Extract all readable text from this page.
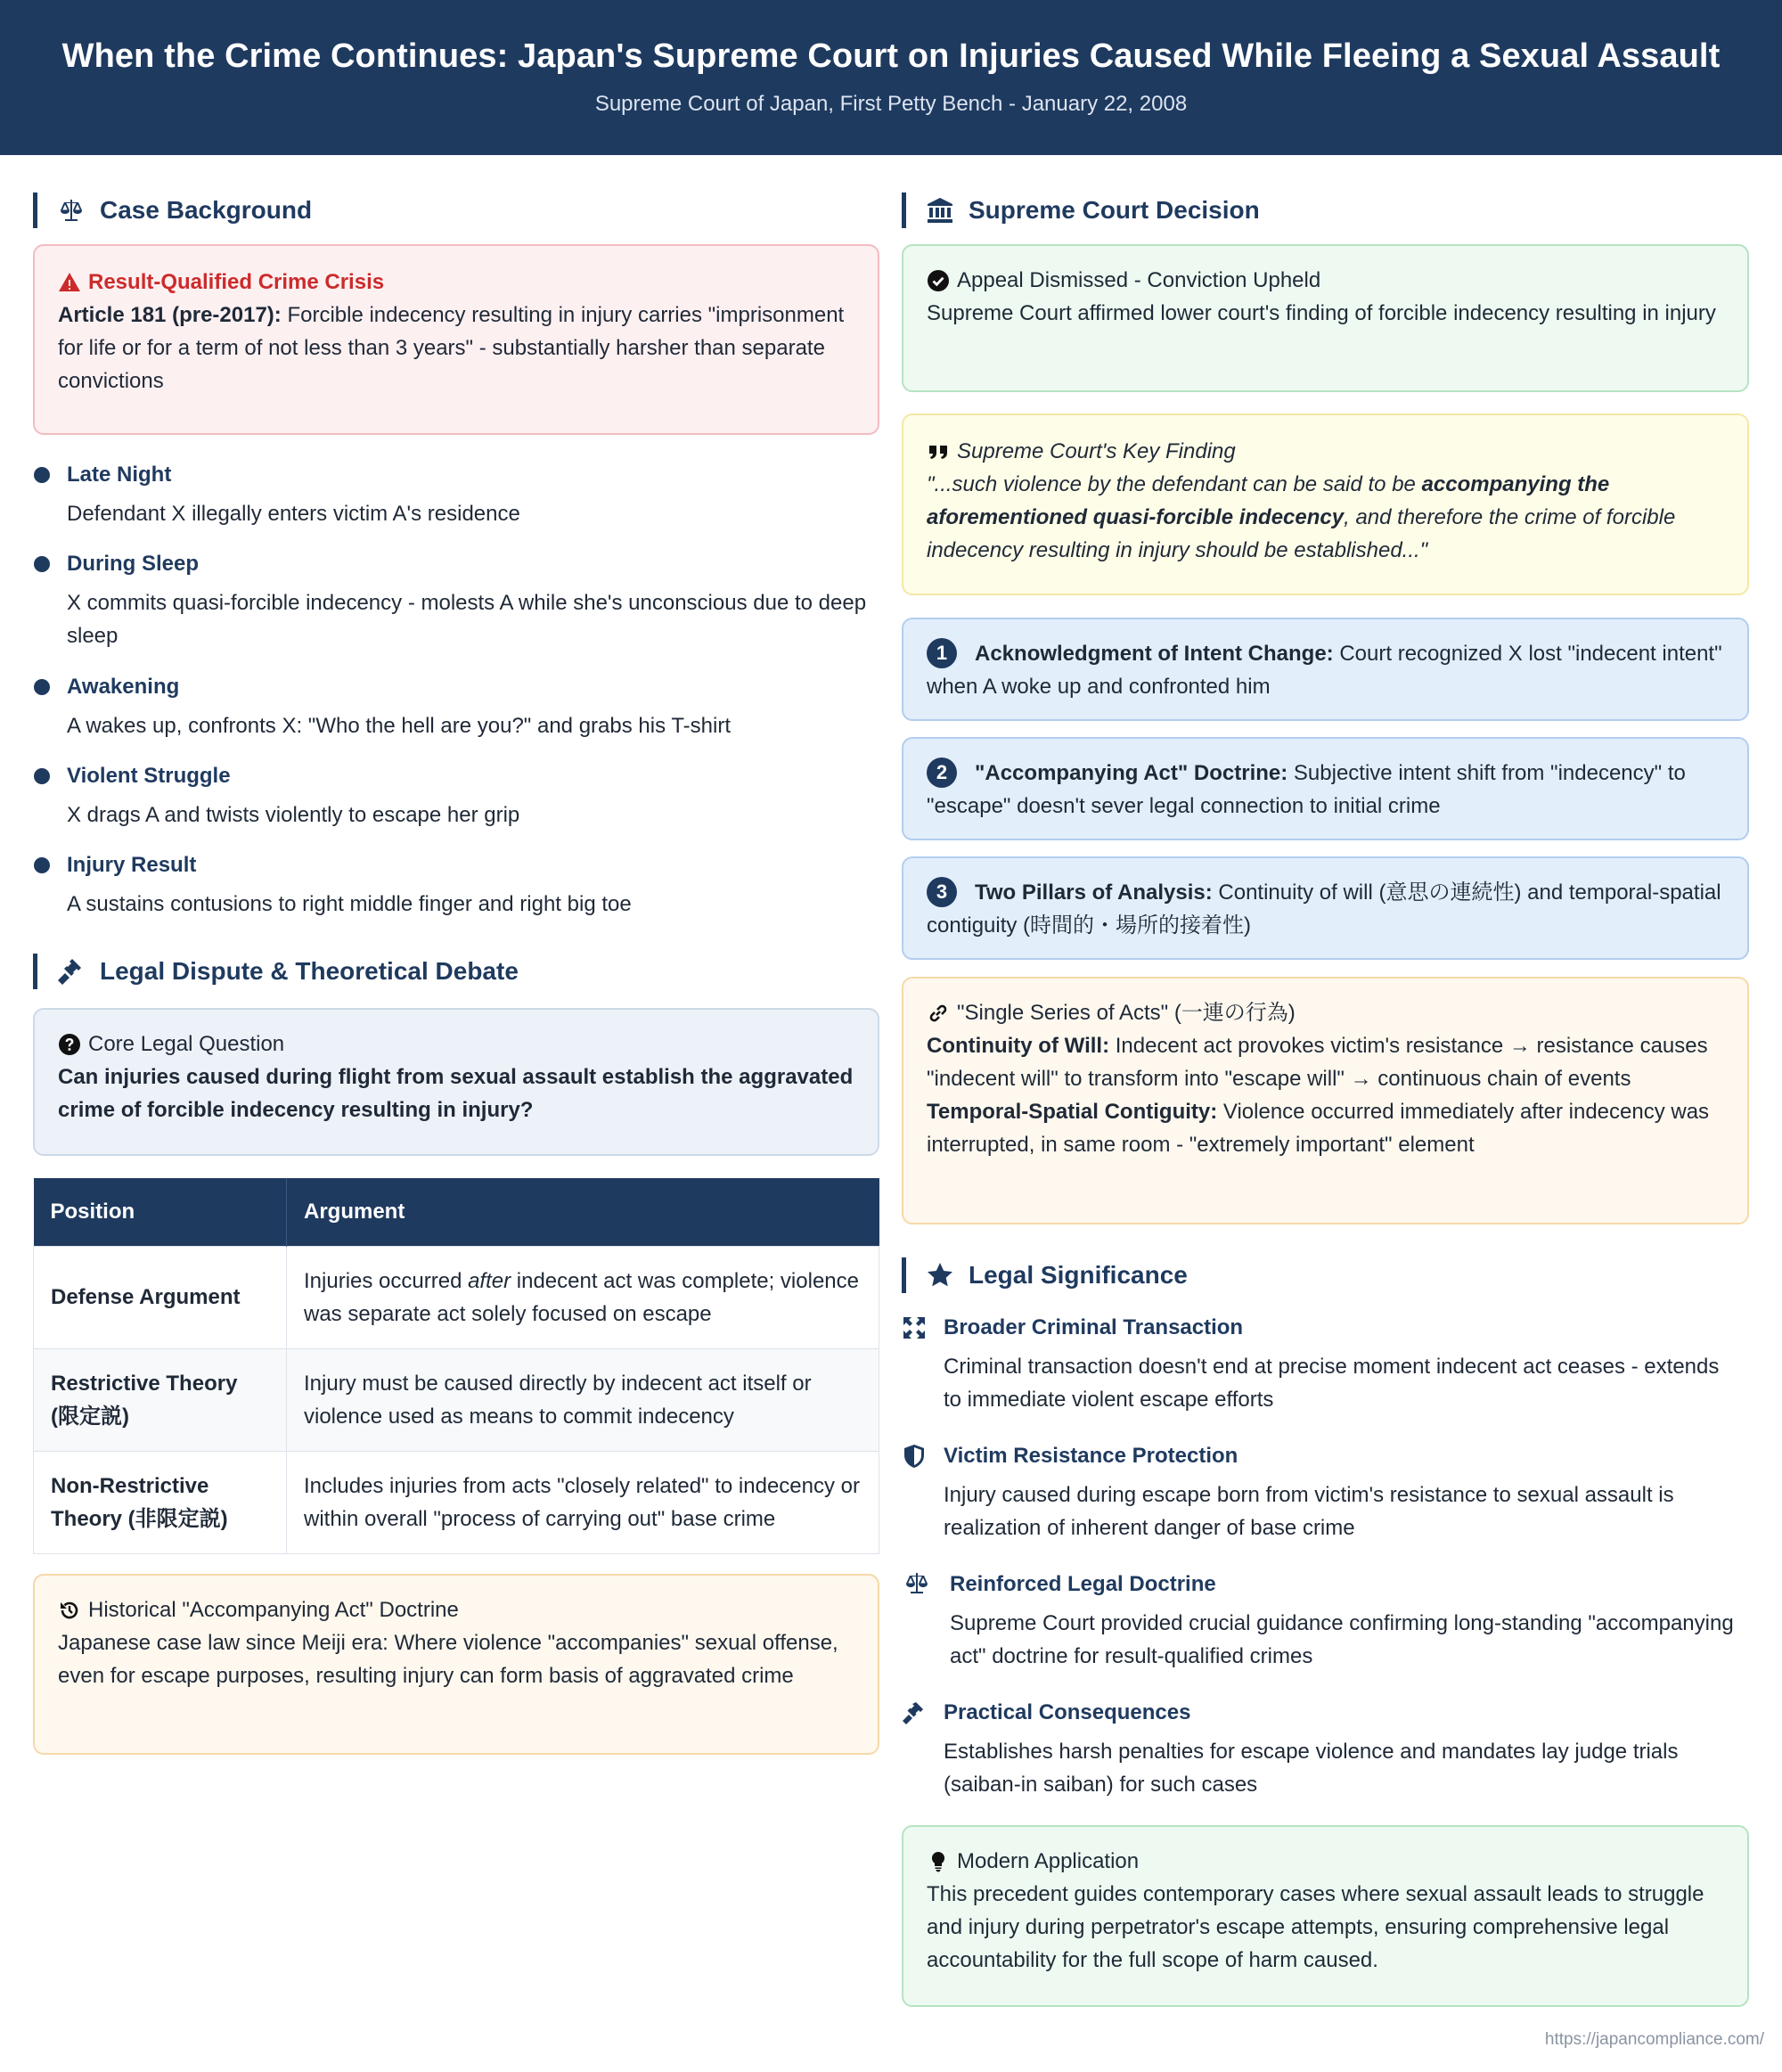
When the Crime Continues: Japan's Supreme Court on Injuries Caused While Fleeing a Sexual Assault
Supreme Court of Japan, First Petty Bench - January 22, 2008
Case Background
Result-Qualified Crime Crisis
Article 181 (pre-2017): Forcible indecency resulting in injury carries "imprisonment for life or for a term of not less than 3 years" - substantially harsher than separate convictions
Late Night
Defendant X illegally enters victim A's residence
During Sleep
X commits quasi-forcible indecency - molests A while she's unconscious due to deep sleep
Awakening
A wakes up, confronts X: "Who the hell are you?" and grabs his T-shirt
Violent Struggle
X drags A and twists violently to escape her grip
Injury Result
A sustains contusions to right middle finger and right big toe
Legal Dispute & Theoretical Debate
Core Legal Question
Can injuries caused during flight from sexual assault establish the aggravated crime of forcible indecency resulting in injury?
Position	Argument
Defense Argument	Injuries occurred after indecent act was complete; violence was separate act solely focused on escape
Restrictive Theory (限定説)	Injury must be caused directly by indecent act itself or violence used as means to commit indecency
Non-Restrictive Theory (非限定説)	Includes injuries from acts "closely related" to indecency or within overall "process of carrying out" base crime
Historical "Accompanying Act" Doctrine
Japanese case law since Meiji era: Where violence "accompanies" sexual offense, even for escape purposes, resulting injury can form basis of aggravated crime
Supreme Court Decision
Appeal Dismissed - Conviction Upheld
Supreme Court affirmed lower court's finding of forcible indecency resulting in injury
Supreme Court's Key Finding
"...such violence by the defendant can be said to be accompanying the aforementioned quasi-forcible indecency, and therefore the crime of forcible indecency resulting in injury should be established..."
1 Acknowledgment of Intent Change: Court recognized X lost "indecent intent" when A woke up and confronted him
2 "Accompanying Act" Doctrine: Subjective intent shift from "indecency" to "escape" doesn't sever legal connection to initial crime
3 Two Pillars of Analysis: Continuity of will (意思の連続性) and temporal-spatial contiguity (時間的・場所的接着性)
"Single Series of Acts" (一連の行為)
Continuity of Will: Indecent act provokes victim's resistance → resistance causes "indecent will" to transform into "escape will" → continuous chain of events
Temporal-Spatial Contiguity: Violence occurred immediately after indecency was interrupted, in same room - "extremely important" element
Legal Significance
Broader Criminal Transaction
Criminal transaction doesn't end at precise moment indecent act ceases - extends to immediate violent escape efforts
Victim Resistance Protection
Injury caused during escape born from victim's resistance to sexual assault is realization of inherent danger of base crime
Reinforced Legal Doctrine
Supreme Court provided crucial guidance confirming long-standing "accompanying act" doctrine for result-qualified crimes
Practical Consequences
Establishes harsh penalties for escape violence and mandates lay judge trials (saiban-in saiban) for such cases
Modern Application
This precedent guides contemporary cases where sexual assault leads to struggle and injury during perpetrator's escape attempts, ensuring comprehensive legal accountability for the full scope of harm caused.
https://japancompliance.com/
